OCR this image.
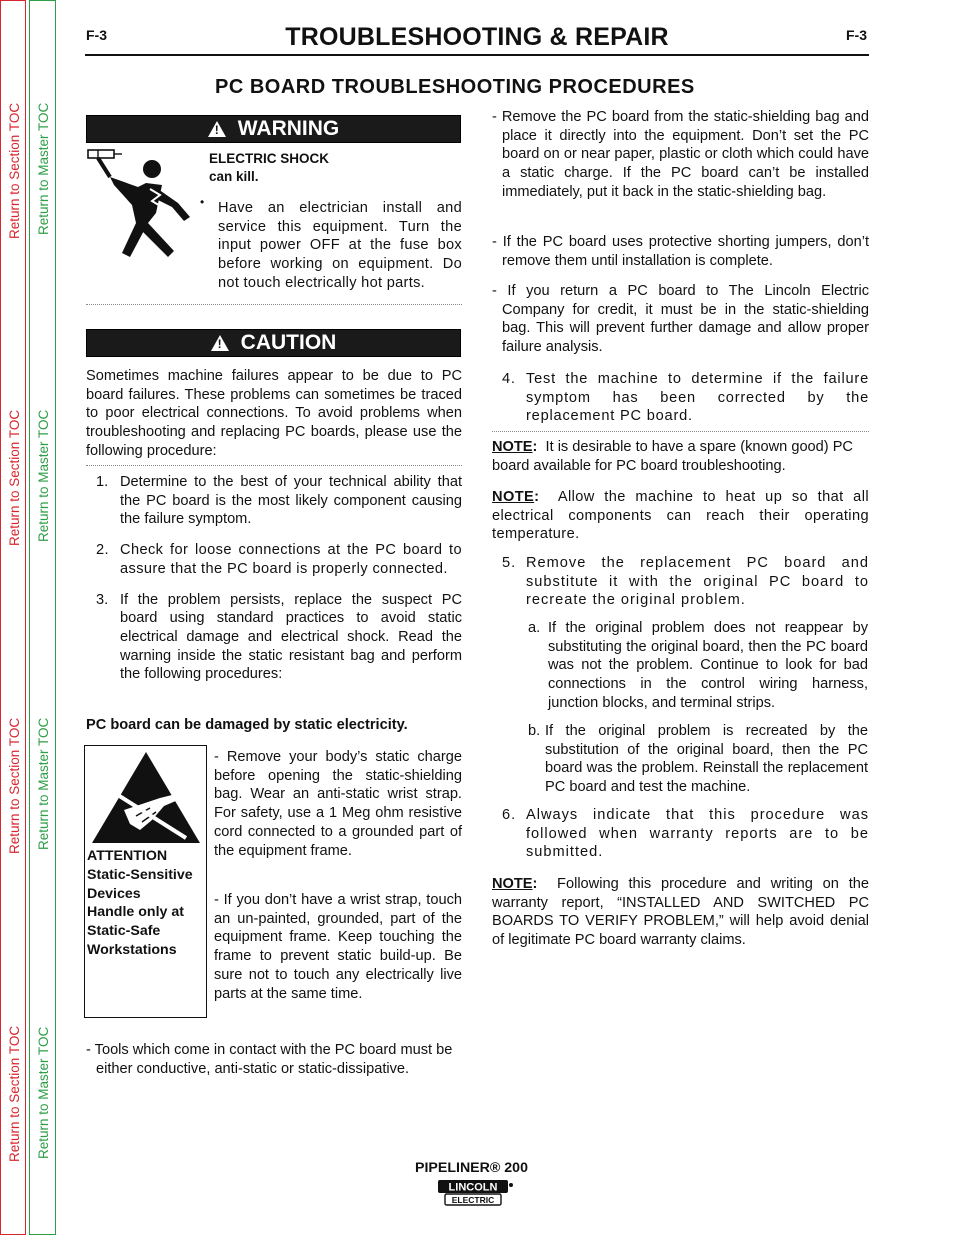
Return to Section TOC
Return to Section TOC
Return to Section TOC
Return to Section TOC
Return to Master TOC
Return to Master TOC
Return to Master TOC
Return to Master TOC
F-3	F-3
TROUBLESHOOTING & REPAIR
PC BOARD TROUBLESHOOTING PROCEDURES
!
WARNING
ELECTRIC SHOCK
can kill.
• Have an electrician install and service this equipment. Turn the input power OFF at the fuse box before working on equipment. Do not touch electrically hot parts.
!
CAUTION
Sometimes machine failures appear to be due to PC board failures. These problems can sometimes be traced to poor electrical connections. To avoid problems when troubleshooting and replacing PC boards, please use the following procedure:
1. Determine to the best of your technical ability that the PC board is the most likely component causing the failure symptom.
2. Check for loose connections at the PC board to assure that the PC board is properly connected.
3. If the problem persists, replace the suspect PC board using standard practices to avoid static electrical damage and electrical shock. Read the warning inside the static resistant bag and perform the following procedures:
PC board can be damaged by static electricity.
ATTENTION
Static-Sensitive
Devices
Handle only at
Static-Safe
Workstations
- Remove your body’s static charge before opening the static-shielding bag. Wear an anti-static wrist strap. For safety, use a 1 Meg ohm resistive cord connected to a grounded part of the equipment frame.
- If you don’t have a wrist strap, touch an un-painted, grounded, part of the equipment frame. Keep touching the frame to prevent static build-up. Be sure not to touch any electrically live parts at the same time.
- Tools which come in contact with the PC board must be either conductive, anti-static or static-dissipative.
- Remove the PC board from the static-shielding bag and place it directly into the equipment. Don’t set the PC board on or near paper, plastic or cloth which could have a static charge. If the PC board can’t be installed immediately, put it back in the static-shielding bag.
- If the PC board uses protective shorting jumpers, don’t remove them until installation is complete.
- If you return a PC board to The Lincoln Electric Company for credit, it must be in the static-shielding bag. This will prevent further damage and allow proper failure analysis.
4. Test the machine to determine if the failure symptom has been corrected by the replacement PC board.
NOTE: It is desirable to have a spare (known good) PC board available for PC board troubleshooting.
NOTE: Allow the machine to heat up so that all electrical components can reach their operating temperature.
5. Remove the replacement PC board and substitute it with the original PC board to recreate the original problem.
a. If the original problem does not reappear by substituting the original board, then the PC board was not the problem. Continue to look for bad connections in the control wiring harness, junction blocks, and terminal strips.
b. If the original problem is recreated by the substitution of the original board, then the PC board was the problem. Reinstall the replacement PC board and test the machine.
6. Always indicate that this procedure was followed when warranty reports are to be submitted.
NOTE: Following this procedure and writing on the warranty report, “INSTALLED AND SWITCHED PC BOARDS TO VERIFY PROBLEM,” will help avoid denial of legitimate PC board warranty claims.
PIPELINER® 200
LINCOLN
ELECTRIC
